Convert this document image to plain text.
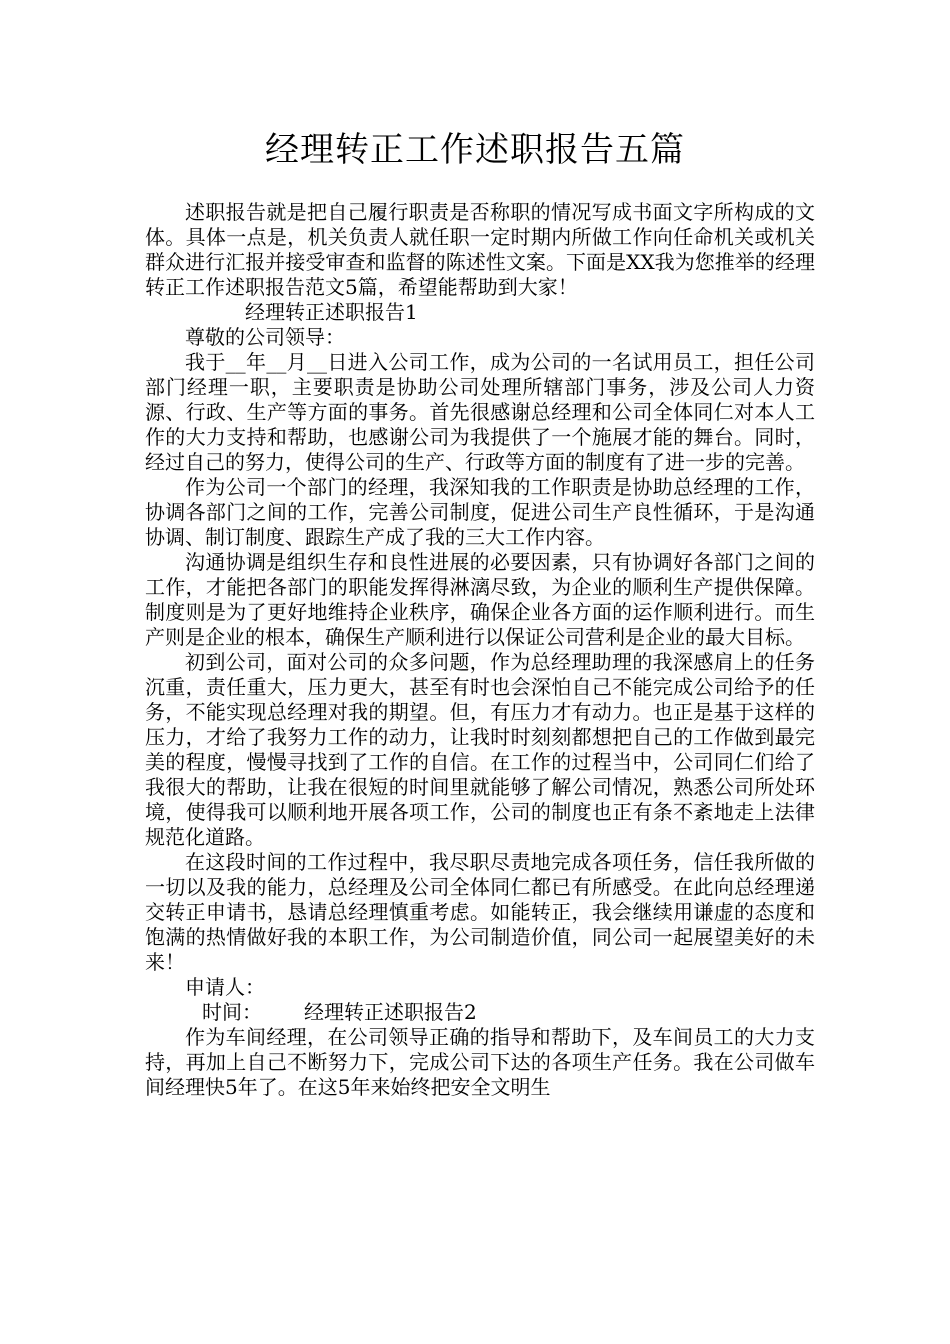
经理转正工作述职报告五篇

述职报告就是把自己履行职责是否称职的情况写成书面文字所构成的文体。具体一点是，机关负责人就任职一定时期内所做工作向任命机关或机关群众进行汇报并接受审查和监督的陈述性文案。下面是XX我为您推举的经理转正工作述职报告范文5篇，希望能帮助到大家！

经理转正述职报告1

尊敬的公司领导：

我于__年__月__日进入公司工作，成为公司的一名试用员工，担任公司部门经理一职，主要职责是协助公司处理所辖部门事务，涉及公司人力资源、行政、生产等方面的事务。首先很感谢总经理和公司全体同仁对本人工作的大力支持和帮助，也感谢公司为我提供了一个施展才能的舞台。同时，经过自己的努力，使得公司的生产、行政等方面的制度有了进一步的完善。

作为公司一个部门的经理，我深知我的工作职责是协助总经理的工作，协调各部门之间的工作，完善公司制度，促进公司生产良性循环，于是沟通协调、制订制度、跟踪生产成了我的三大工作内容。

沟通协调是组织生存和良性进展的必要因素，只有协调好各部门之间的工作，才能把各部门的职能发挥得淋漓尽致，为企业的顺利生产提供保障。制度则是为了更好地维持企业秩序，确保企业各方面的运作顺利进行。而生产则是企业的根本，确保生产顺利进行以保证公司营利是企业的最大目标。

初到公司，面对公司的众多问题，作为总经理助理的我深感肩上的任务沉重，责任重大，压力更大，甚至有时也会深怕自己不能完成公司给予的任务，不能实现总经理对我的期望。但，有压力才有动力。也正是基于这样的压力，才给了我努力工作的动力，让我时时刻刻都想把自己的工作做到最完美的程度，慢慢寻找到了工作的自信。在工作的过程当中，公司同仁们给了我很大的帮助，让我在很短的时间里就能够了解公司情况，熟悉公司所处环境，使得我可以顺利地开展各项工作，公司的制度也正有条不紊地走上法律规范化道路。

在这段时间的工作过程中，我尽职尽责地完成各项任务，信任我所做的一切以及我的能力，总经理及公司全体同仁都已有所感受。在此向总经理递交转正申请书，恳请总经理慎重考虑。如能转正，我会继续用谦虚的态度和饱满的热情做好我的本职工作，为公司制造价值，同公司一起展望美好的未来！

申请人：

时间： 经理转正述职报告2

作为车间经理，在公司领导正确的指导和帮助下，及车间员工的大力支持，再加上自己不断努力下，完成公司下达的各项生产任务。我在公司做车间经理快5年了。在这5年来始终把安全文明生
